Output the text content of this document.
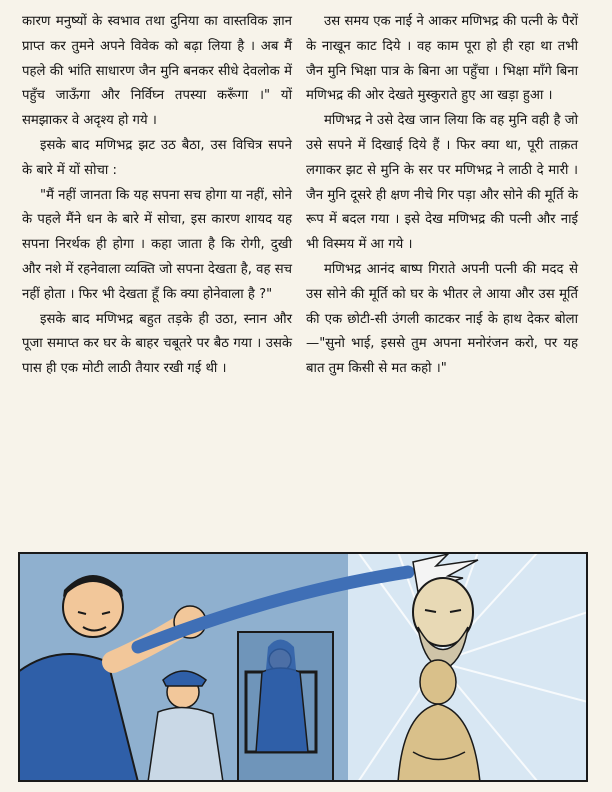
कारण मनुष्यों के स्वभाव तथा दुनिया का वास्तविक ज्ञान प्राप्त कर तुमने अपने विवेक को बढ़ा लिया है । अब मैं पहले की भांति साधारण जैन मुनि बनकर सीधे देवलोक में पहुँच जाऊँगा और निर्विघ्न तपस्या करूँगा ।" यों समझाकर वे अदृश्य हो गये ।

इसके बाद मणिभद्र झट उठ बैठा, उस विचित्र सपने के बारे में यों सोचा :

"मैं नहीं जानता कि यह सपना सच होगा या नहीं, सोने के पहले मैंने धन के बारे में सोचा, इस कारण शायद यह सपना निरर्थक ही होगा । कहा जाता है कि रोगी, दुखी और नशे में रहनेवाला व्यक्ति जो सपना देखता है, वह सच नहीं होता । फिर भी देखता हूँ कि क्या होनेवाला है ?"

इसके बाद मणिभद्र बहुत तड़के ही उठा, स्नान और पूजा समाप्त कर घर के बाहर चबूतरे पर बैठ गया । उसके पास ही एक मोटी लाठी तैयार रखी गई थी ।

उस समय एक नाई ने आकर मणिभद्र की पत्नी के पैरों के नाखून काट दिये । वह काम पूरा हो ही रहा था तभी जैन मुनि भिक्षा पात्र के बिना आ पहुँचा । भिक्षा माँगे बिना मणिभद्र की ओर देखते मुस्कुराते हुए आ खड़ा हुआ ।

मणिभद्र ने उसे देख जान लिया कि वह मुनि वही है जो उसे सपने में दिखाई दिये हैं । फिर क्या था, पूरी ताक़त लगाकर झट से मुनि के सर पर मणिभद्र ने लाठी दे मारी । जैन मुनि दूसरे ही क्षण नीचे गिर पड़ा और सोने की मूर्ति के रूप में बदल गया । इसे देख मणिभद्र की पत्नी और नाई भी विस्मय में आ गये ।

मणिभद्र आनंद बाष्प गिराते अपनी पत्नी की मदद से उस सोने की मूर्ति को घर के भीतर ले आया और उस मूर्ति की एक छोटी-सी उंगली काटकर नाई के हाथ देकर बोला—"सुनो भाई, इससे तुम अपना मनोरंजन करो, पर यह बात तुम किसी से मत कहो ।"
